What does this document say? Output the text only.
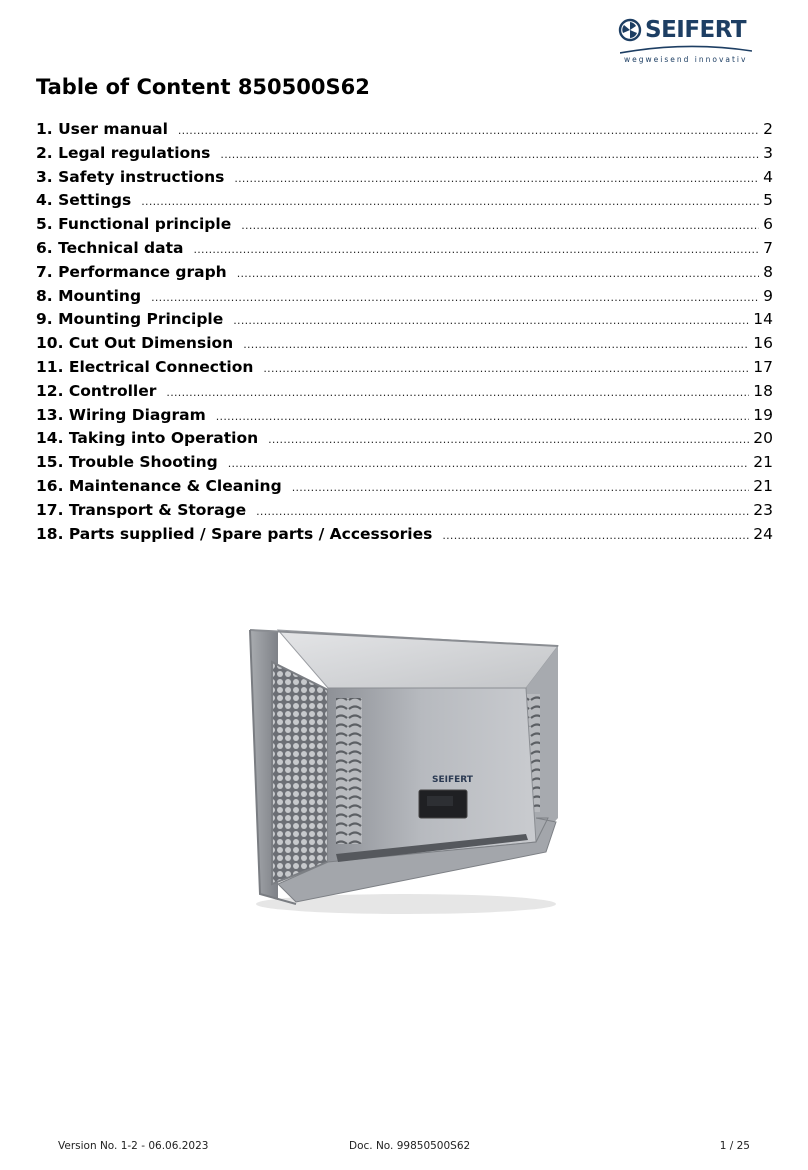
SEIFERT
wegweisend innovativ
Table of Content 850500S62
1. User manual .....	2
2. Legal regulations .....	3
3. Safety instructions .....	4
4. Settings .....	5
5. Functional principle .....	6
6. Technical data .....	7
7. Performance graph .....	8
8. Mounting .....	9
9. Mounting Principle .....	14
10. Cut Out Dimension .....	16
11. Electrical Connection .....	17
12. Controller .....	18
13. Wiring Diagram .....	19
14. Taking into Operation .....	20
15. Trouble Shooting .....	21
16. Maintenance & Cleaning .....	21
17. Transport & Storage .....	23
18. Parts supplied / Spare parts / Accessories .....	24
SEIFERT
Version No. 1-2 - 06.06.2023	Doc. No. 99850500S62	1 / 25
